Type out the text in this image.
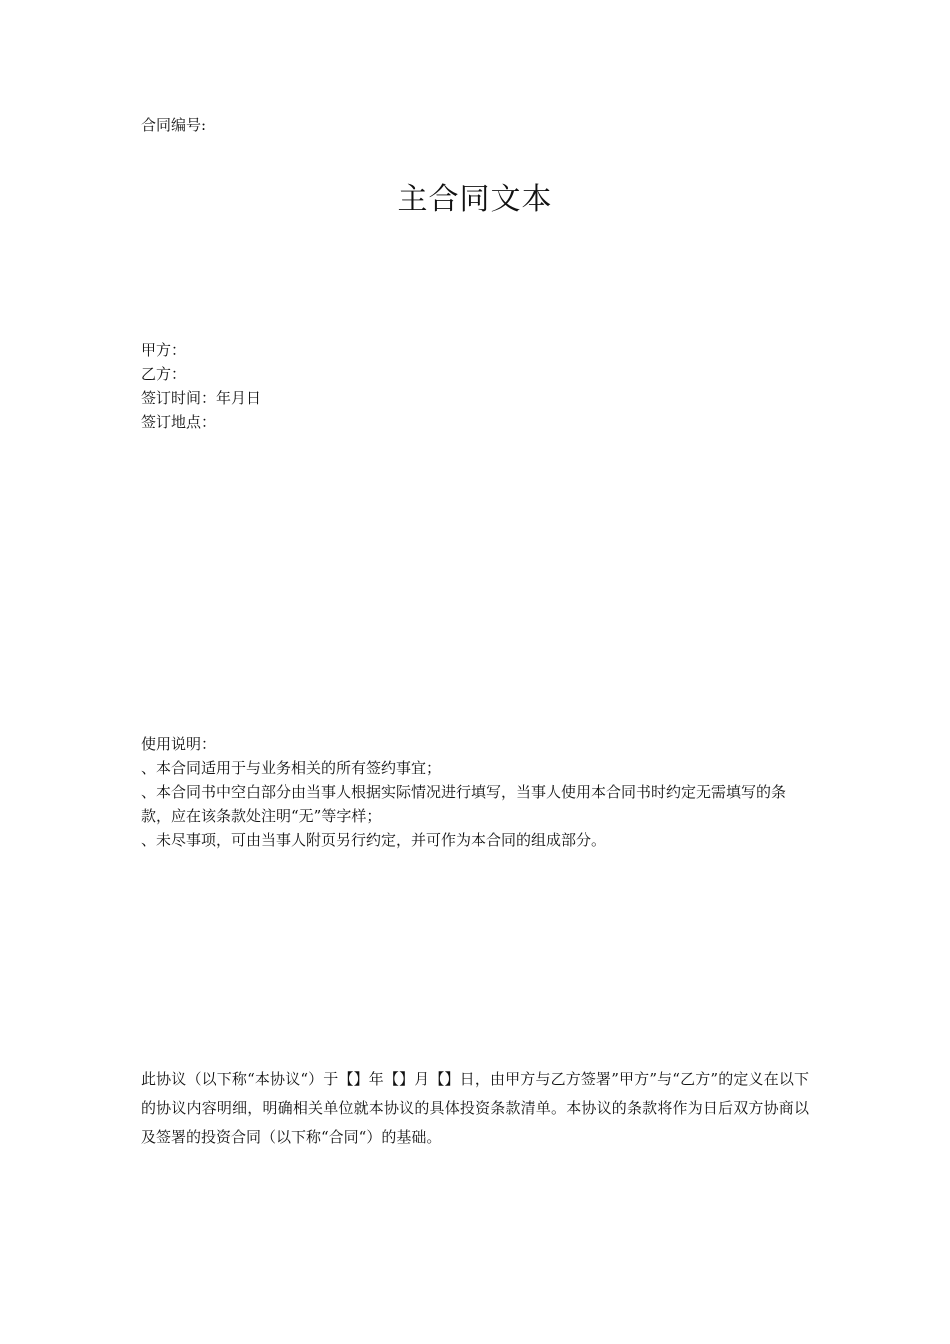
合同编号:
主合同文本
甲方：
乙方：
签订时间：年月日
签订地点：
使用说明：
、本合同适用于与业务相关的所有签约事宜；
、本合同书中空白部分由当事人根据实际情况进行填写，当事人使用本合同书时约定无需填写的条款，应在该条款处注明“无”等字样；
、未尽事项，可由当事人附页另行约定，并可作为本合同的组成部分。
此协议（以下称“本协议“）于【】年【】月【】日，由甲方与乙方签署”甲方”与“乙方”的定义在以下的协议内容明细，明确相关单位就本协议的具体投资条款清单。本协议的条款将作为日后双方协商以及签署的投资合同（以下称“合同“）的基础。
